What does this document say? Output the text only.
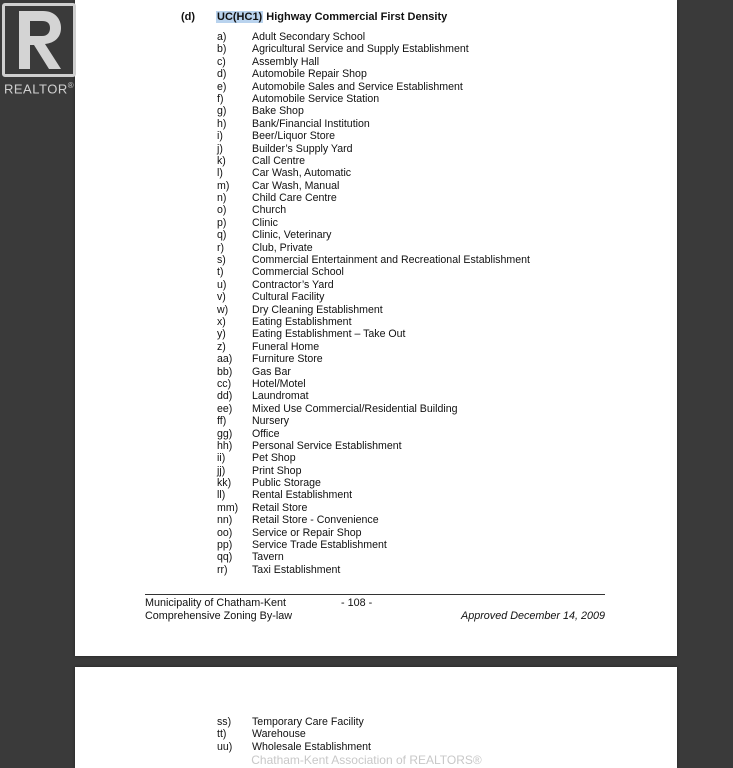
(d) UC(HC1) Highway Commercial First Density
a) Adult Secondary School
b) Agricultural Service and Supply Establishment
c) Assembly Hall
d) Automobile Repair Shop
e) Automobile Sales and Service Establishment
f)	Automobile Service Station
g) Bake Shop
h) Bank/Financial Institution
i)	Beer/Liquor Store
j)	Builder’s Supply Yard
k) Call Centre
l)	Car Wash, Automatic
m) Car Wash, Manual
n) Child Care Centre
o) Church
p) Clinic
q) Clinic, Veterinary
r)	Club, Private
s) Commercial Entertainment and Recreational Establishment
t)	Commercial School
u) Contractor’s Yard
v) Cultural Facility
w) Dry Cleaning Establishment
x) Eating Establishment
y) Eating Establishment – Take Out
z) Funeral Home
aa) Furniture Store
bb) Gas Bar
cc) Hotel/Motel
dd) Laundromat
ee) Mixed Use Commercial/Residential Building
ff) Nursery
gg) Office
hh) Personal Service Establishment
ii)	Pet Shop
jj)	Print Shop
kk) Public Storage
ll)	Rental Establishment
mm) Retail Store
nn) Retail Store - Convenience
oo) Service or Repair Shop
pp) Service Trade Establishment
qq) Tavern
rr) Taxi Establishment
Municipality of Chatham-Kent
Comprehensive Zoning By-law
- 108 -
Approved December 14, 2009
ss) Temporary Care Facility
tt) Warehouse
uu) Wholesale Establishment
REALTOR®
Chatham-Kent Association of REALTORS®
